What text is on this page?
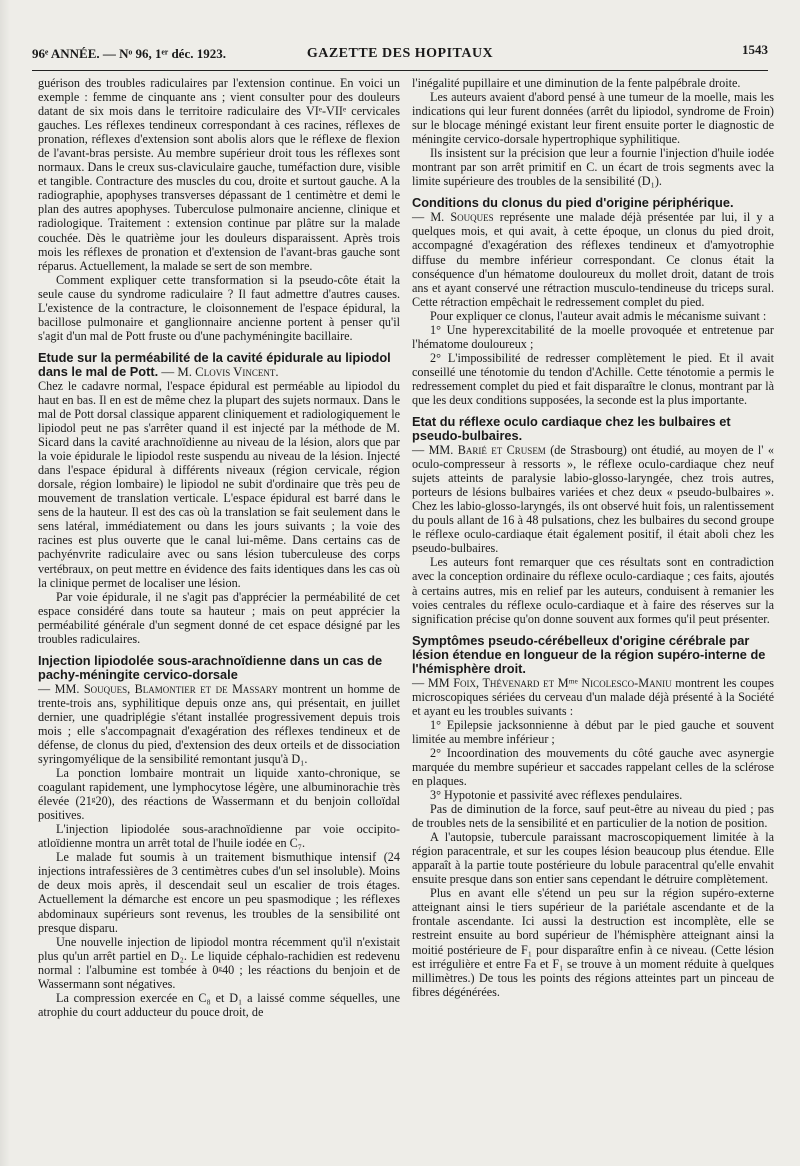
96ᵉ ANNÉE. — Nᵒ 96, 1ᵉʳ déc. 1923.	GAZETTE DES HOPITAUX	1543

guérison des troubles radiculaires par l'extension continue. En voici un exemple : femme de cinquante ans ; vient consulter pour des douleurs datant de six mois dans le territoire radiculaire des VIᵉ-VIIᵉ cervicales gauches. Les réflexes tendineux correspondant à ces racines, réflexes de pronation, réflexes d'extension sont abolis alors que le réflexe de flexion de l'avant-bras persiste. Au membre supérieur droit tous les réflexes sont normaux. Dans le creux sus-claviculaire gauche, tuméfaction dure, visible et tangible. Contracture des muscles du cou, droite et surtout gauche. A la radiographie, apophyses transverses dépassant de 1 centimètre et demi le plan des autres apophyses. Tuberculose pulmonaire ancienne, clinique et radiologique. Traitement : extension continue par plâtre sur la malade couchée. Dès le quatrième jour les douleurs disparaissent. Après trois mois les réflexes de pronation et d'extension de l'avant-bras gauche sont réparus. Actuellement, la malade se sert de son membre.

Comment expliquer cette transformation si la pseudo-côte était la seule cause du syndrome radiculaire ? Il faut admettre d'autres causes. L'existence de la contracture, le cloisonnement de l'espace épidural, la bacillose pulmonaire et ganglionnaire ancienne portent à penser qu'il s'agit d'un mal de Pott fruste ou d'une pachyméningite bacillaire.

Etude sur la perméabilité de la cavité épidurale au lipiodol dans le mal de Pott. — M. Clovis Vincent.

Chez le cadavre normal, l'espace épidural est perméable au lipiodol du haut en bas. Il en est de même chez la plupart des sujets normaux. Dans le mal de Pott dorsal classique apparent cliniquement et radiologiquement le lipiodol peut ne pas s'arrêter quand il est injecté par la méthode de M. Sicard dans la cavité arachnoïdienne au niveau de la lésion, alors que par la voie épidurale le lipiodol reste suspendu au niveau de la lésion. Injecté dans l'espace épidural à différents niveaux (région cervicale, région dorsale, région lombaire) le lipiodol ne subit d'ordinaire que très peu de mouvement de translation verticale. L'espace épidural est barré dans le sens de la hauteur. Il est des cas où la translation se fait seulement dans le sens latéral, immédiatement ou dans les jours suivants ; la voie des racines est plus ouverte que le canal lui-même. Dans certains cas de pachyénvrite radiculaire avec ou sans lésion tuberculeuse des corps vertébraux, on peut mettre en évidence des faits identiques dans les cas où la clinique permet de localiser une lésion.

Par voie épidurale, il ne s'agit pas d'apprécier la perméabilité de cet espace considéré dans toute sa hauteur ; mais on peut apprécier la perméabilité générale d'un segment donné de cet espace désigné par les troubles radiculaires.

Injection lipiodolée sous-arachnoïdienne dans un cas de pachy-méningite cervico-dorsale

— MM. Souques, Blamontier et de Massary montrent un homme de trente-trois ans, syphilitique depuis onze ans, qui présentait, en juillet dernier, une quadriplégie s'étant installée progressivement depuis trois mois ; elle s'accompagnait d'exagération des réflexes tendineux et de défense, de clonus du pied, d'extension des deux orteils et de dissociation syringomyélique de la sensibilité remontant jusqu'à D₁.

La ponction lombaire montrait un liquide xanto-chronique, se coagulant rapidement, une lymphocytose légère, une albuminorachie très élevée (21ᵍ20), des réactions de Wassermann et du benjoin colloïdal positives.

L'injection lipiodolée sous-arachnoïdienne par voie occipito-atloïdienne montra un arrêt total de l'huile iodée en C₇.

Le malade fut soumis à un traitement bismuthique intensif (24 injections intrafessières de 3 centimètres cubes d'un sel insoluble). Moins de deux mois après, il descendait seul un escalier de trois étages. Actuellement la démarche est encore un peu spasmodique ; les réflexes abdominaux supérieurs sont revenus, les troubles de la sensibilité ont presque disparu.

Une nouvelle injection de lipiodol montra récemment qu'il n'existait plus qu'un arrêt partiel en D₂. Le liquide céphalo-rachidien est redevenu normal : l'albumine est tombée à 0ᵍ40 ; les réactions du benjoin et de Wassermann sont négatives.

La compression exercée en C₈ et D₁ a laissé comme séquelles, une atrophie du court adducteur du pouce droit, de

l'inégalité pupillaire et une diminution de la fente palpébrale droite.

Les auteurs avaient d'abord pensé à une tumeur de la moelle, mais les indications qui leur furent données (arrêt du lipiodol, syndrome de Froin) sur le blocage méningé existant leur firent ensuite porter le diagnostic de méningite cervico-dorsale hypertrophique syphilitique.

Ils insistent sur la précision que leur a fournie l'injection d'huile iodée montrant par son arrêt primitif en C. un écart de trois segments avec la limite supérieure des troubles de la sensibilité (D₁).

Conditions du clonus du pied d'origine périphérique.

— M. Souques représente une malade déjà présentée par lui, il y a quelques mois, et qui avait, à cette époque, un clonus du pied droit, accompagné d'exagération des réflexes tendineux et d'amyotrophie diffuse du membre inférieur correspondant. Ce clonus était la conséquence d'un hématome douloureux du mollet droit, datant de trois ans et ayant conservé une rétraction musculo-tendineuse du triceps sural. Cette rétraction empêchait le redressement complet du pied.

Pour expliquer ce clonus, l'auteur avait admis le mécanisme suivant :

1° Une hyperexcitabilité de la moelle provoquée et entretenue par l'hématome douloureux ;

2° L'impossibilité de redresser complètement le pied. Et il avait conseillé une ténotomie du tendon d'Achille. Cette ténotomie a permis le redressement complet du pied et fait disparaître le clonus, montrant par là que les deux conditions supposées, la seconde est la plus importante.

Etat du réflexe oculo cardiaque chez les bulbaires et pseudo-bulbaires.

— MM. Barié et Crusem (de Strasbourg) ont étudié, au moyen de l' « oculo-compresseur à ressorts », le réflexe oculo-cardiaque chez neuf sujets atteints de paralysie labio-glosso-laryngée, chez trois autres, porteurs de lésions bulbaires variées et chez deux « pseudo-bulbaires ». Chez les labio-glosso-laryngés, ils ont observé huit fois, un ralentissement du pouls allant de 16 à 48 pulsations, chez les bulbaires du second groupe le réflexe oculo-cardiaque était également positif, il était aboli chez les pseudo-bulbaires.

Les auteurs font remarquer que ces résultats sont en contradiction avec la conception ordinaire du réflexe oculo-cardiaque ; ces faits, ajoutés à certains autres, mis en relief par les auteurs, conduisent à remanier les voies centrales du réflexe oculo-cardiaque et à faire des réserves sur la signification précise qu'on donne souvent aux formes qu'il peut présenter.

Symptômes pseudo-cérébelleux d'origine cérébrale par lésion étendue en longueur de la région supéro-interne de l'hémisphère droit.

— MM Foix, Thévenard et Mᵐᵉ Nicolesco-Maniu montrent les coupes microscopiques sériées du cerveau d'un malade déjà présenté à la Société et ayant eu les troubles suivants :

1° Epilepsie jacksonnienne à début par le pied gauche et souvent limitée au membre inférieur ;

2° Incoordination des mouvements du côté gauche avec asynergie marquée du membre supérieur et saccades rappelant celles de la sclérose en plaques.

3° Hypotonie et passivité avec réflexes pendulaires.

Pas de diminution de la force, sauf peut-être au niveau du pied ; pas de troubles nets de la sensibilité et en particulier de la notion de position.

A l'autopsie, tubercule paraissant macroscopiquement limitée à la région paracentrale, et sur les coupes lésion beaucoup plus étendue. Elle apparaît à la partie toute postérieure du lobule paracentral qu'elle envahit ensuite presque dans son entier sans cependant le détruire complètement.

Plus en avant elle s'étend un peu sur la région supéro-externe atteignant ainsi le tiers supérieur de la pariétale ascendante et de la frontale ascendante. Ici aussi la destruction est incomplète, elle se restreint ensuite au bord supérieur de l'hémisphère atteignant ainsi la moitié postérieure de F₁ pour disparaître enfin à ce niveau. (Cette lésion est irrégulière et entre Fa et F₁ se trouve à un moment réduite à quelques millimètres.) De tous les points des régions atteintes part un pinceau de fibres dégénérées.
